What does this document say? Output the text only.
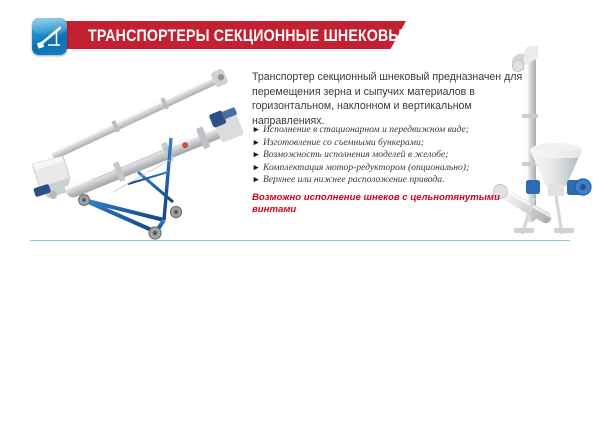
ТРАНСПОРТЕРЫ СЕКЦИОННЫЕ ШНЕКОВЫЕ

Транспортер секционный шнековый предназначен для перемещения зерна и сыпучих материалов в горизонтальном, наклонном и вертикальном направлениях.

► Исполнение в стационарном и передвижном виде;
► Изготовление со съемными бункерами;
► Возможность исполнения моделей в желобе;
► Комплектация мотор-редуктором (опционально);
► Верхнее или нижнее расположение привода.
Возможно исполнение шнеков с цельнотянутыми винтами
